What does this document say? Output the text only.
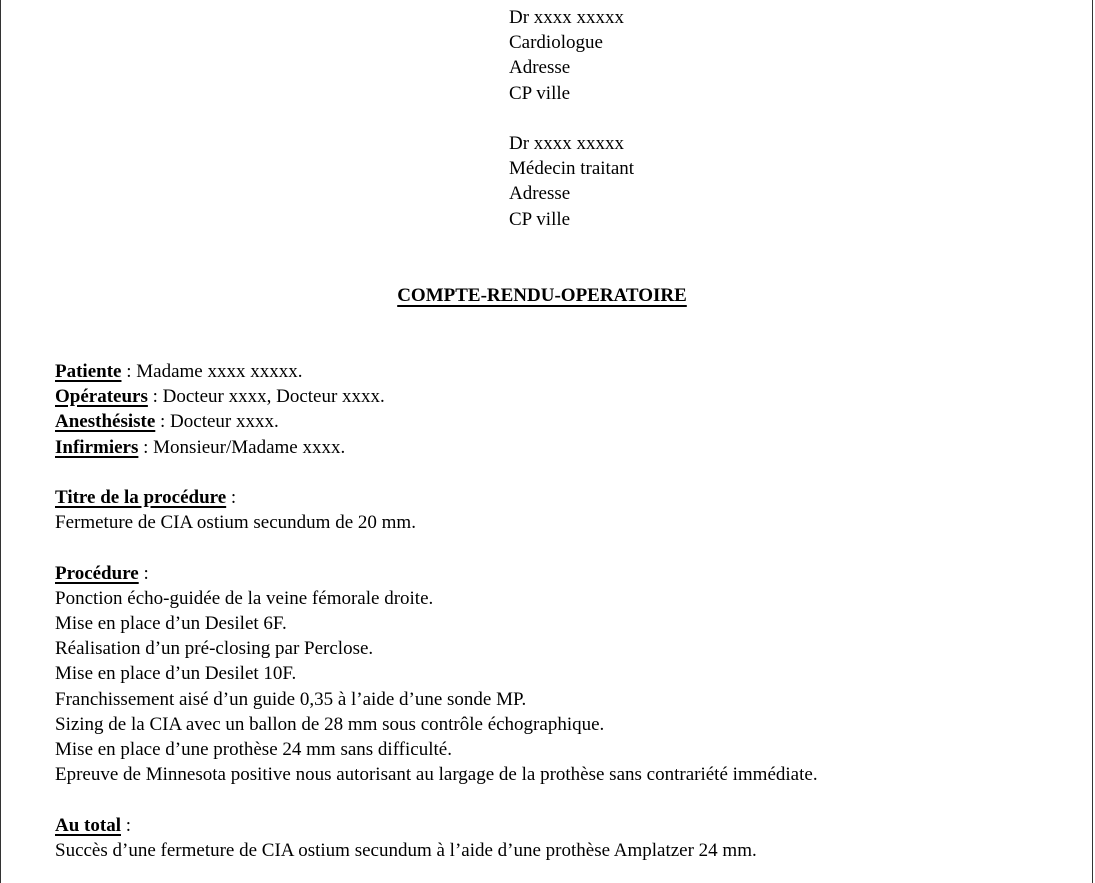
Dr xxxx xxxxx
Cardiologue
Adresse
CP ville
Dr xxxx xxxxx
Médecin traitant
Adresse
CP ville
COMPTE-RENDU-OPERATOIRE
Patiente : Madame xxxx xxxxx.
Opérateurs : Docteur xxxx, Docteur xxxx.
Anesthésiste : Docteur xxxx.
Infirmiers : Monsieur/Madame xxxx.
Titre de la procédure :
Fermeture de CIA ostium secundum de 20 mm.
Procédure :
Ponction écho-guidée de la veine fémorale droite.
Mise en place d’un Desilet 6F.
Réalisation d’un pré-closing par Perclose.
Mise en place d’un Desilet 10F.
Franchissement aisé d’un guide 0,35 à l’aide d’une sonde MP.
Sizing de la CIA avec un ballon de 28 mm sous contrôle échographique.
Mise en place d’une prothèse 24 mm sans difficulté.
Epreuve de Minnesota positive nous autorisant au largage de la prothèse sans contrariété immédiate.
Au total :
Succès d’une fermeture de CIA ostium secundum à l’aide d’une prothèse Amplatzer 24 mm.
